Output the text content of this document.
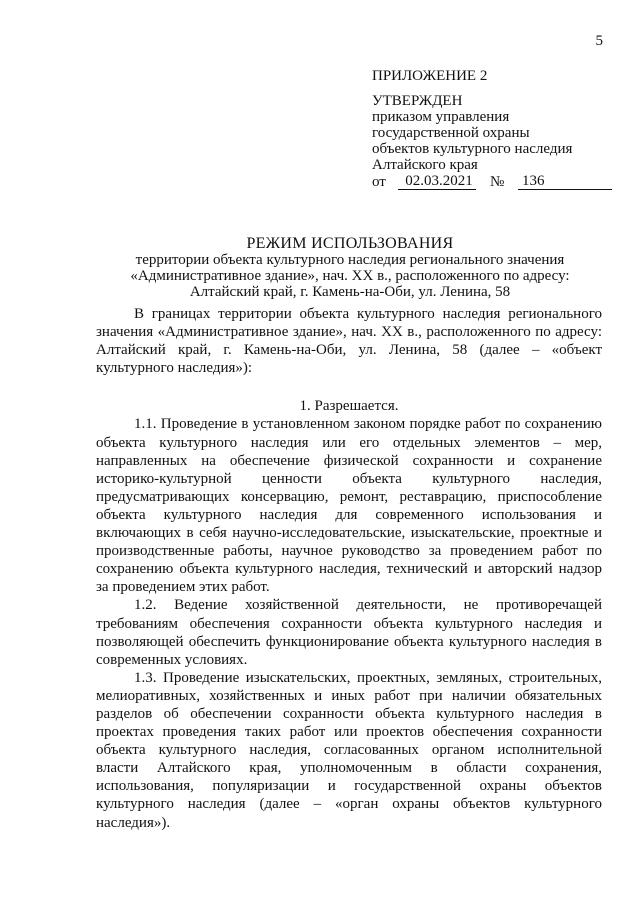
5
ПРИЛОЖЕНИЕ 2
УТВЕРЖДЕН
приказом управления
государственной охраны
объектов культурного наследия
Алтайского края
от	02.03.2021 №	136
РЕЖИМ ИСПОЛЬЗОВАНИЯ
территории объекта культурного наследия регионального значения
«Административное здание», нач. XX в., расположенного по адресу:
Алтайский край, г. Камень-на-Оби, ул. Ленина, 58

В границах территории объекта культурного наследия регионального значения «Административное здание», нач. XX в., расположенного по адресу: Алтайский край, г. Камень-на-Оби, ул. Ленина, 58 (далее – «объект культурного наследия»):

1. Разрешается.

1.1. Проведение в установленном законом порядке работ по сохранению объекта культурного наследия или его отдельных элементов – мер, направленных на обеспечение физической сохранности и сохранение историко-культурной ценности объекта культурного наследия, предусматривающих консервацию, ремонт, реставрацию, приспособление объекта культурного наследия для современного использования и включающих в себя научно-исследовательские, изыскательские, проектные и производственные работы, научное руководство за проведением работ по сохранению объекта культурного наследия, технический и авторский надзор за проведением этих работ.

1.2. Ведение хозяйственной деятельности, не противоречащей требованиям обеспечения сохранности объекта культурного наследия и позволяющей обеспечить функционирование объекта культурного наследия в современных условиях.

1.3. Проведение изыскательских, проектных, земляных, строительных, мелиоративных, хозяйственных и иных работ при наличии обязательных разделов об обеспечении сохранности объекта культурного наследия в проектах проведения таких работ или проектов обеспечения сохранности объекта культурного наследия, согласованных органом исполнительной власти Алтайского края, уполномоченным в области сохранения, использования, популяризации и государственной охраны объектов культурного наследия (далее – «орган охраны объектов культурного наследия»).
